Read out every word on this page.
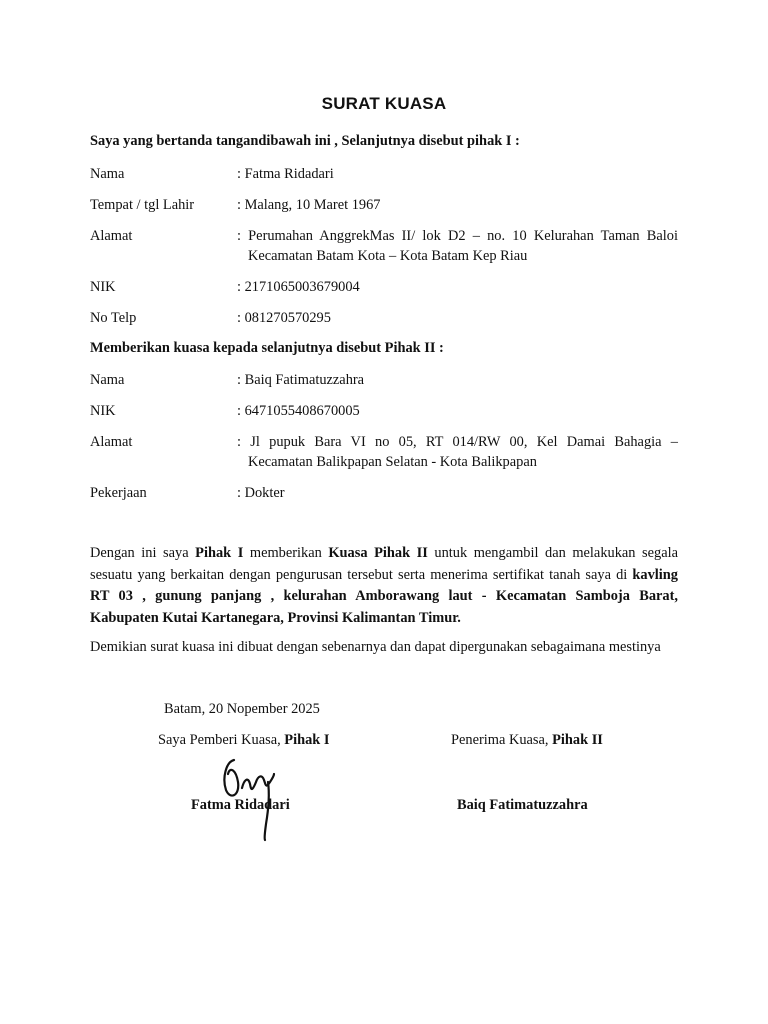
SURAT KUASA
Saya yang bertanda tangandibawah ini , Selanjutnya disebut pihak I :
Nama	: Fatma Ridadari
Tempat / tgl Lahir	: Malang, 10 Maret 1967
Alamat	: Perumahan AnggrekMas II/ lok D2 – no. 10 Kelurahan Taman Baloi
Kecamatan Batam Kota – Kota Batam Kep Riau
NIK	: 2171065003679004
No Telp	: 081270570295
Memberikan kuasa kepada selanjutnya disebut Pihak II :
Nama	: Baiq Fatimatuzzahra
NIK	: 6471055408670005
Alamat	: Jl pupuk Bara VI no 05, RT 014/RW 00, Kel Damai Bahagia –
Kecamatan Balikpapan Selatan - Kota Balikpapan
Pekerjaan	: Dokter
Dengan ini saya Pihak I memberikan Kuasa Pihak II untuk mengambil dan melakukan segala sesuatu yang berkaitan dengan pengurusan tersebut serta menerima sertifikat tanah saya di kavling RT 03 , gunung panjang , kelurahan Amborawang laut - Kecamatan Samboja Barat, Kabupaten Kutai Kartanegara, Provinsi Kalimantan Timur.
Demikian surat kuasa ini dibuat dengan sebenarnya dan dapat dipergunakan sebagaimana mestinya
Batam, 20 Nopember 2025
Saya Pemberi Kuasa, Pihak I	Penerima Kuasa, Pihak II
Fatma Ridadari	Baiq Fatimatuzzahra
